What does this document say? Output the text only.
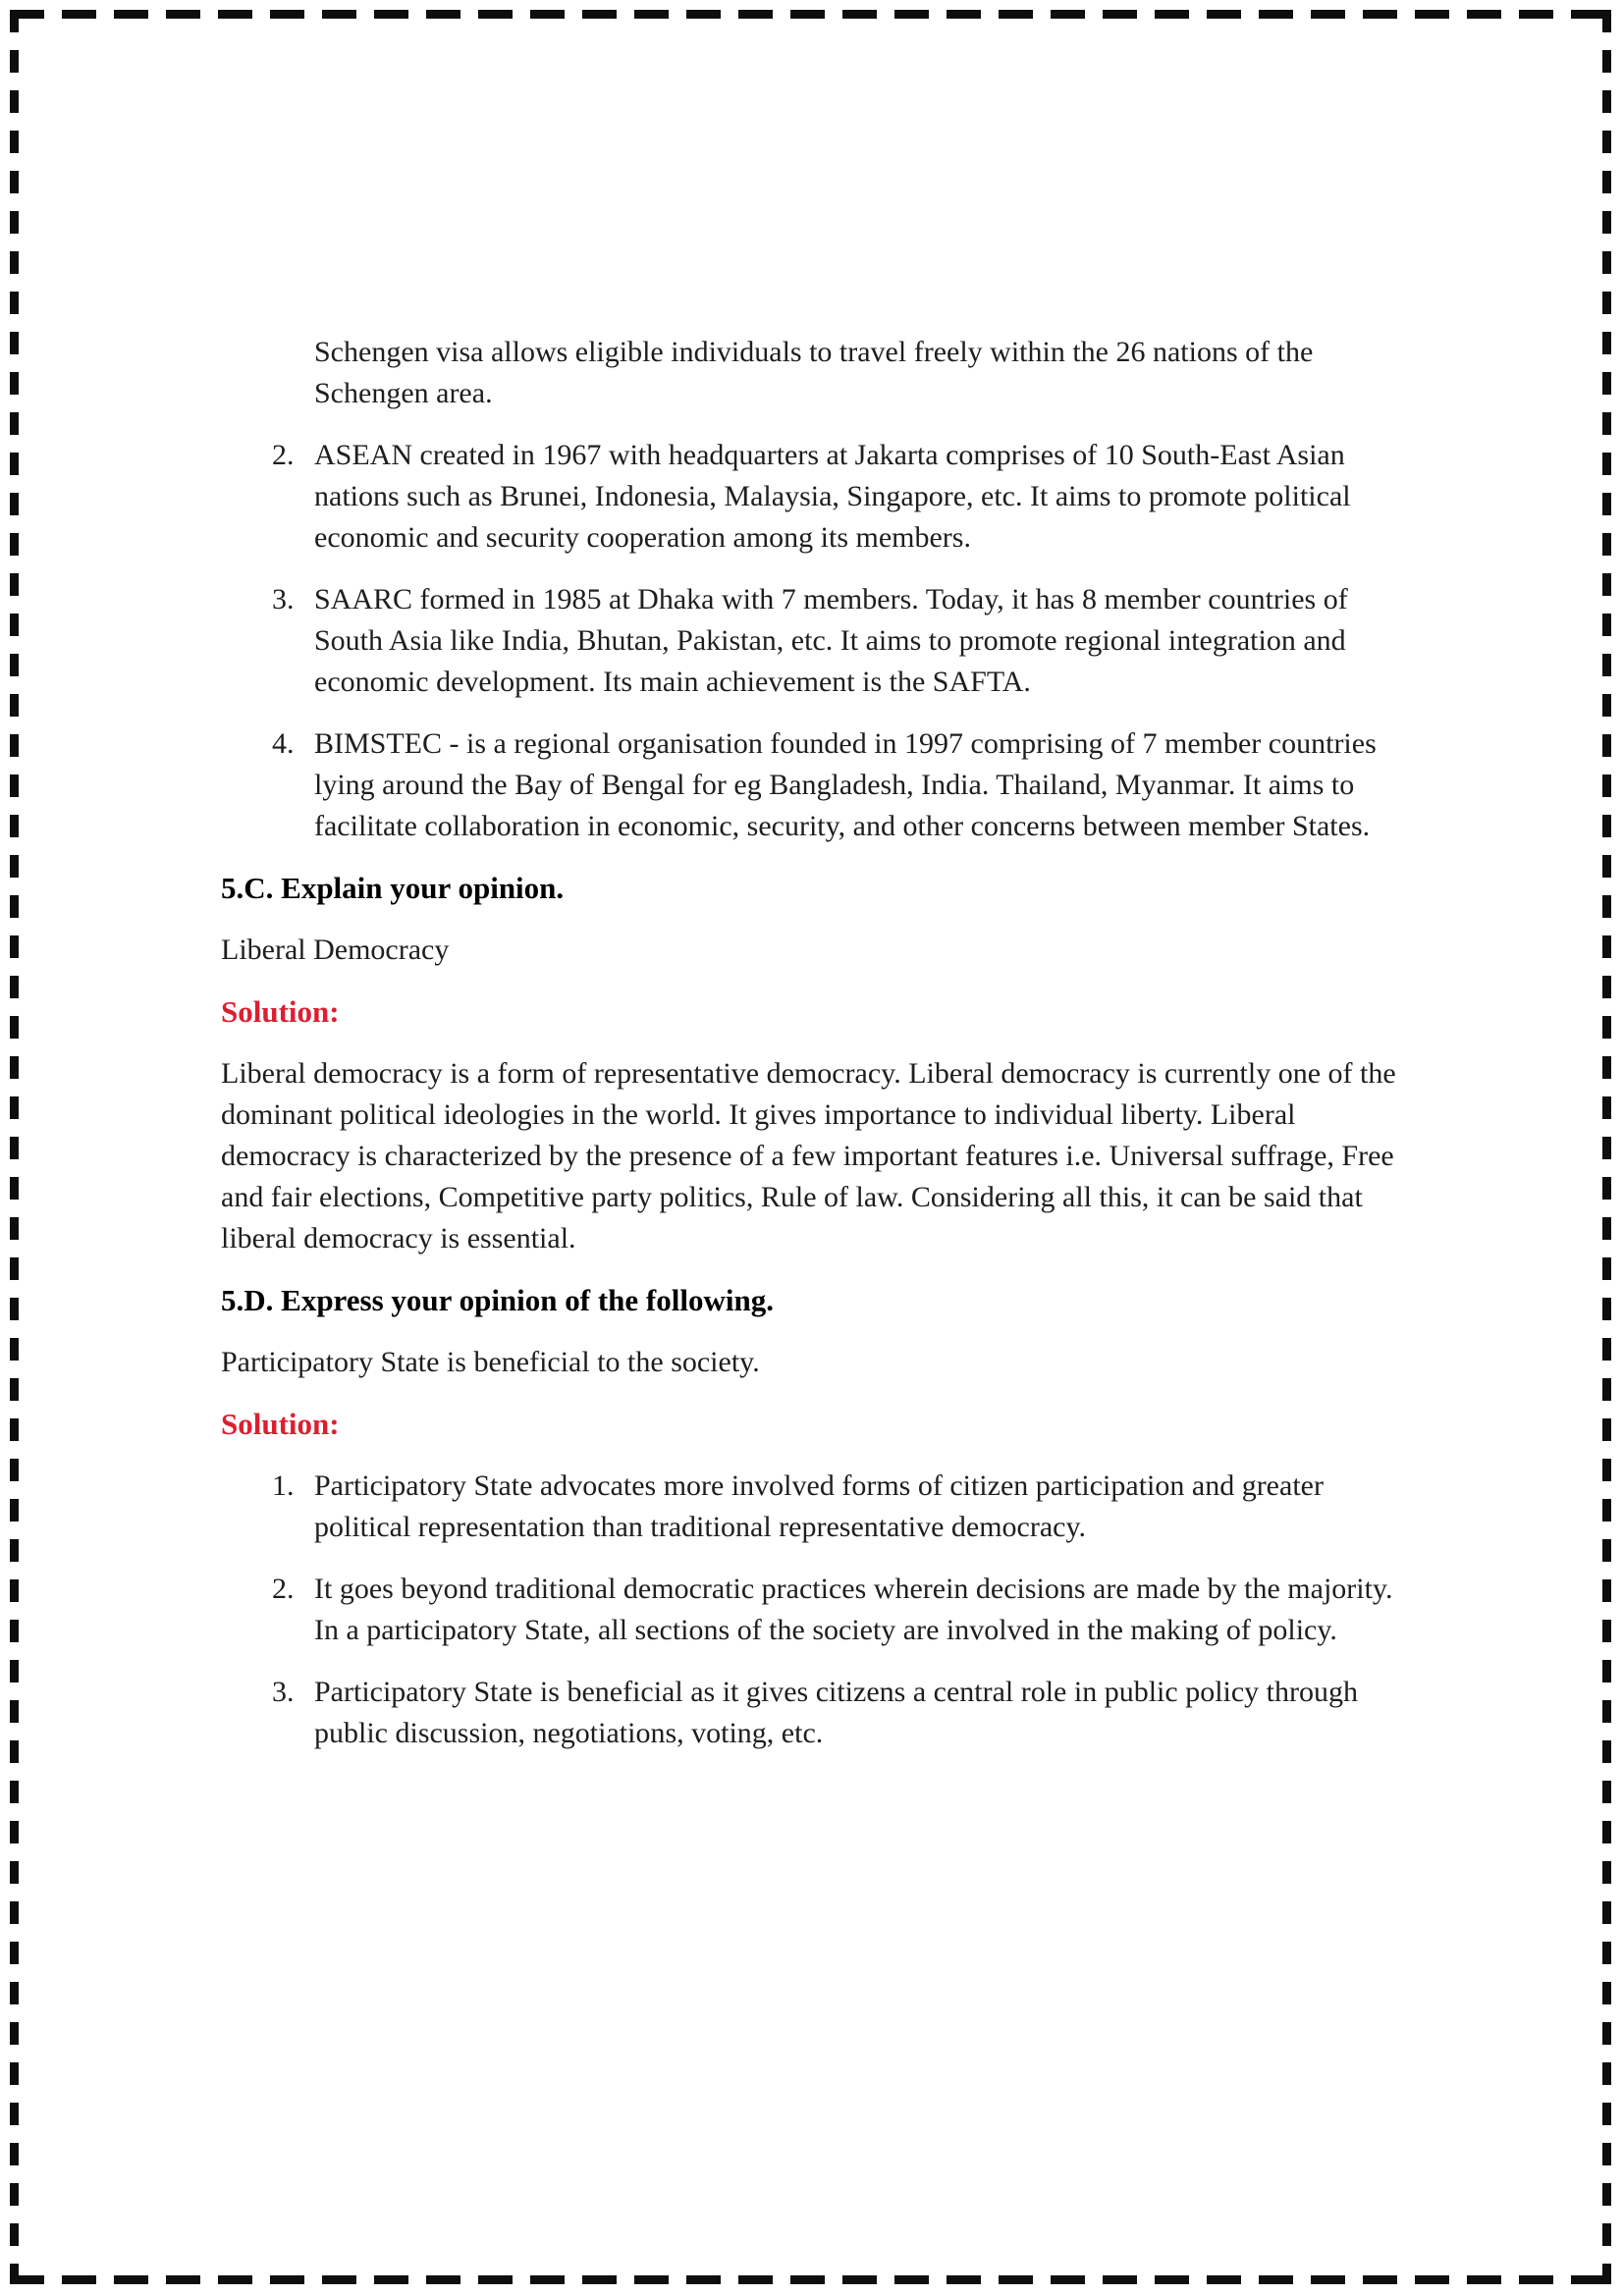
Schengen visa allows eligible individuals to travel freely within the 26 nations of the Schengen area.

2. ASEAN created in 1967 with headquarters at Jakarta comprises of 10 South-East Asian nations such as Brunei, Indonesia, Malaysia, Singapore, etc. It aims to promote political economic and security cooperation among its members.
3. SAARC formed in 1985 at Dhaka with 7 members. Today, it has 8 member countries of South Asia like India, Bhutan, Pakistan, etc. It aims to promote regional integration and economic development. Its main achievement is the SAFTA.
4. BIMSTEC - is a regional organisation founded in 1997 comprising of 7 member countries lying around the Bay of Bengal for eg Bangladesh, India. Thailand, Myanmar. It aims to facilitate collaboration in economic, security, and other concerns between member States.

5.C. Explain your opinion.

Liberal Democracy

Solution:

Liberal democracy is a form of representative democracy. Liberal democracy is currently one of the dominant political ideologies in the world. It gives importance to individual liberty. Liberal democracy is characterized by the presence of a few important features i.e. Universal suffrage, Free and fair elections, Competitive party politics, Rule of law. Considering all this, it can be said that liberal democracy is essential.

5.D. Express your opinion of the following.

Participatory State is beneficial to the society.

Solution:

1. Participatory State advocates more involved forms of citizen participation and greater political representation than traditional representative democracy.
2. It goes beyond traditional democratic practices wherein decisions are made by the majority. In a participatory State, all sections of the society are involved in the making of policy.
3. Participatory State is beneficial as it gives citizens a central role in public policy through public discussion, negotiations, voting, etc.
